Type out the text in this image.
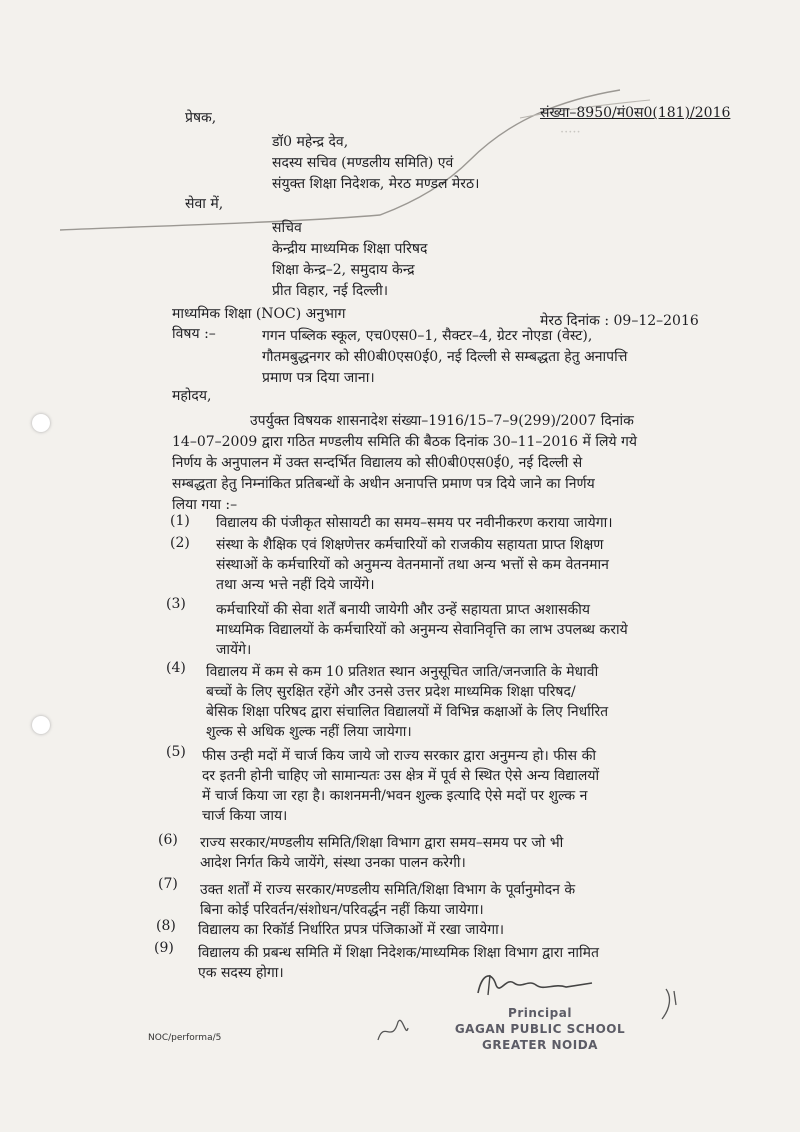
·····
संख्या–8950/मं0स0(181)/2016
प्रेषक,
डॉ0 महेन्द्र देव,
सदस्य सचिव (मण्डलीय समिति) एवं
संयुक्त शिक्षा निदेशक, मेरठ मण्डल मेरठ।
सेवा में,
सचिव
केन्द्रीय माध्यमिक शिक्षा परिषद
शिक्षा केन्द्र–2, समुदाय केन्द्र
प्रीत विहार, नई दिल्ली।
माध्यमिक शिक्षा (NOC) अनुभाग	मेरठ दिनांक : 09–12–2016
विषय :–	गगन पब्लिक स्कूल, एच0एस0–1, सैक्टर–4, ग्रेटर नोएडा (वेस्ट),
गौतमबुद्धनगर को सी0बी0एस0ई0, नई दिल्ली से सम्बद्धता हेतु अनापत्ति
प्रमाण पत्र दिया जाना।
महोदय,
उपर्युक्त विषयक शासनादेश संख्या–1916/15–7–9(299)/2007 दिनांक
14–07–2009 द्वारा गठित मण्डलीय समिति की बैठक दिनांक 30–11–2016 में लिये गये
निर्णय के अनुपालन में उक्त सन्दर्भित विद्यालय को सी0बी0एस0ई0, नई दिल्ली से
सम्बद्धता हेतु निम्नांकित प्रतिबन्धों के अधीन अनापत्ति प्रमाण पत्र दिये जाने का निर्णय
लिया गया :–
(1) विद्यालय की पंजीकृत सोसायटी का समय–समय पर नवीनीकरण कराया जायेगा।
(2) संस्था के शैक्षिक एवं शिक्षणेत्तर कर्मचारियों को राजकीय सहायता प्राप्त शिक्षण
संस्थाओं के कर्मचारियों को अनुमन्य वेतनमानों तथा अन्य भत्तों से कम वेतनमान
तथा अन्य भत्ते नहीं दिये जायेंगे।
(3) कर्मचारियों की सेवा शर्तें बनायी जायेगी और उन्हें सहायता प्राप्त अशासकीय
माध्यमिक विद्यालयों के कर्मचारियों को अनुमन्य सेवानिवृत्ति का लाभ उपलब्ध कराये
जायेंगे।
(4) विद्यालय में कम से कम 10 प्रतिशत स्थान अनुसूचित जाति/जनजाति के मेधावी
बच्चों के लिए सुरक्षित रहेंगे और उनसे उत्तर प्रदेश माध्यमिक शिक्षा परिषद/
बेसिक शिक्षा परिषद द्वारा संचालित विद्यालयों में विभिन्न कक्षाओं के लिए निर्धारित
शुल्क से अधिक शुल्क नहीं लिया जायेगा।
(5) फीस उन्ही मदों में चार्ज किय जाये जो राज्य सरकार द्वारा अनुमन्य हो। फीस की
दर इतनी होनी चाहिए जो सामान्यतः उस क्षेत्र में पूर्व से स्थित ऐसे अन्य विद्यालयों
में चार्ज किया जा रहा है। काशनमनी/भवन शुल्क इत्यादि ऐसे मदों पर शुल्क न
चार्ज किया जाय।
(6) राज्य सरकार/मण्डलीय समिति/शिक्षा विभाग द्वारा समय–समय पर जो भी
आदेश निर्गत किये जायेंगे, संस्था उनका पालन करेगी।
(7) उक्त शर्तों में राज्य सरकार/मण्डलीय समिति/शिक्षा विभाग के पूर्वानुमोदन के
बिना कोई परिवर्तन/संशोधन/परिवर्द्धन नहीं किया जायेगा।
(8) विद्यालय का रिकॉर्ड निर्धारित प्रपत्र पंजिकाओं में रखा जायेगा।
(9) विद्यालय की प्रबन्ध समिति में शिक्षा निदेशक/माध्यमिक शिक्षा विभाग द्वारा नामित
एक सदस्य होगा।
Principal
GAGAN PUBLIC SCHOOL
GREATER NOIDA
NOC/performa/5
